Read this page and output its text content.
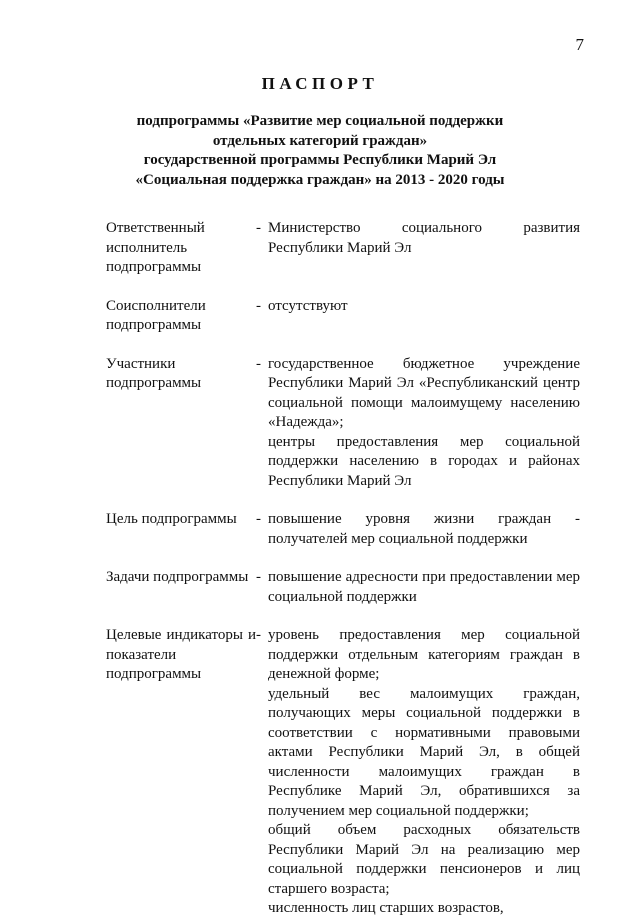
7
ПАСПОРТ
подпрограммы «Развитие мер социальной поддержки
отдельных категорий граждан»
государственной программы Республики Марий Эл
«Социальная поддержка граждан» на 2013 - 2020 годы
Ответственный исполнитель подпрограммы
- Министерство социального развития Республики Марий Эл

Соисполнители подпрограммы
- отсутствуют

Участники подпрограммы
- государственное бюджетное учреждение Республики Марий Эл «Республиканский центр социальной помощи малоимущему населению «Надежда»;

центры предоставления мер социальной поддержки населению в городах и районах Республики Марий Эл

Цель подпрограммы	- повышение уровня жизни граждан - получателей мер социальной поддержки

Задачи подпрограммы - повышение адресности при предоставлении мер социальной поддержки

Целевые индикаторы и показатели подпрограммы
- уровень предоставления мер социальной поддержки отдельным категориям граждан в денежной форме;

удельный вес малоимущих граждан, получающих меры социальной поддержки в соответствии с нормативными правовыми актами Республики Марий Эл, в общей численности малоимущих граждан в Республике Марий Эл, обратившихся за получением мер социальной поддержки;

общий объем расходных обязательств Республики Марий Эл на реализацию мер социальной поддержки пенсионеров и лиц старшего возраста;

численность лиц старших возрастов,
